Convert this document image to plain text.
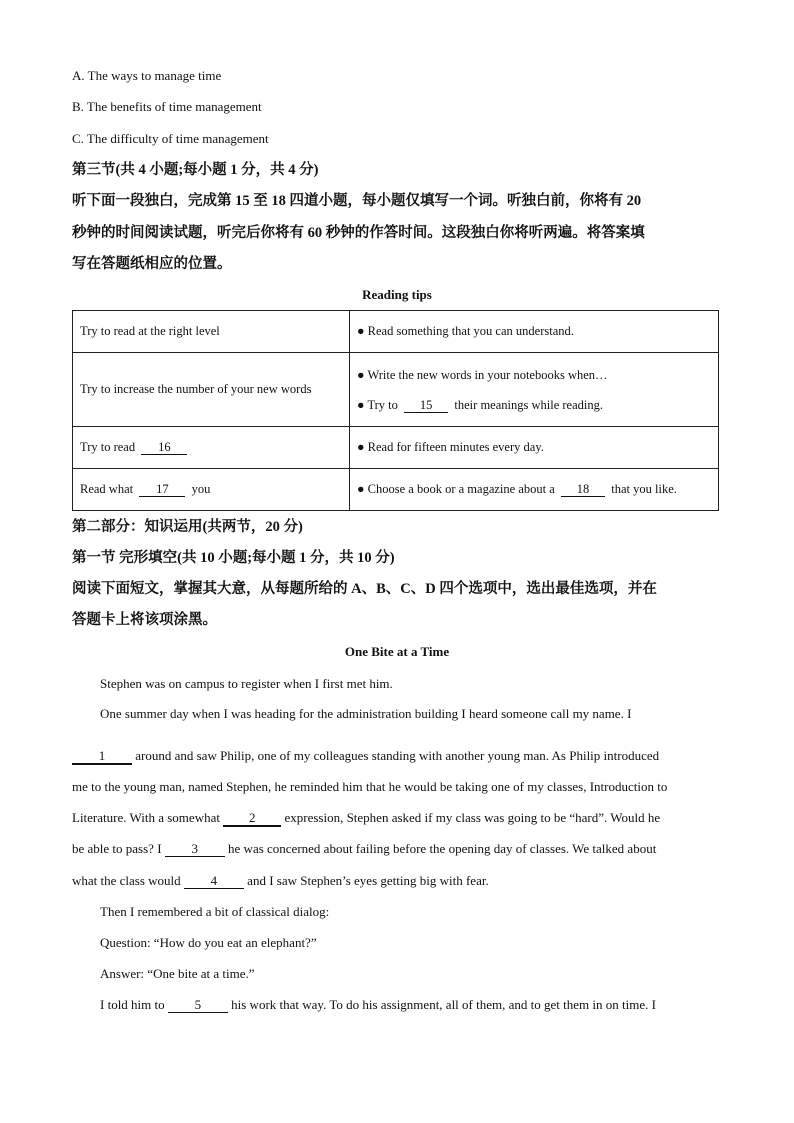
A. The ways to manage time
B. The benefits of time management
C. The difficulty of time management
第三节(共 4 小题;每小题 1 分，共 4 分)
听下面一段独白，完成第 15 至 18 四道小题，每小题仅填写一个词。听独白前，你将有 20
秒钟的时间阅读试题，听完后你将有 60 秒钟的作答时间。这段独白你将听两遍。将答案填
写在答题纸相应的位置。
Reading tips
Try to read at the right level	● Read something that you can understand.
Try to increase the number of your new words	● Write the new words in your notebooks when…
● Try to 15 their meanings while reading.

Try to read 16	● Read for fifteen minutes every day.
Read what 17 you	● Choose a book or a magazine about a 18 that you like.
第二部分：知识运用(共两节，20 分)
第一节 完形填空(共 10 小题;每小题 1 分，共 10 分)
阅读下面短文，掌握其大意，从每题所给的 A、B、C、D 四个选项中，选出最佳选项，并在
答题卡上将该项涂黑。
One Bite at a Time
Stephen was on campus to register when I first met him.
One summer day when I was heading for the administration building I heard someone call my name. I
1 around and saw Philip, one of my colleagues standing with another young man. As Philip introduced
me to the young man, named Stephen, he reminded him that he would be taking one of my classes, Introduction to
Literature. With a somewhat 2 expression, Stephen asked if my class was going to be “hard”. Would he
be able to pass? I 3 he was concerned about failing before the opening day of classes. We talked about
what the class would 4 and I saw Stephen’s eyes getting big with fear.
Then I remembered a bit of classical dialog:
Question: “How do you eat an elephant?”
Answer: “One bite at a time.”
I told him to 5 his work that way. To do his assignment, all of them, and to get them in on time. I
